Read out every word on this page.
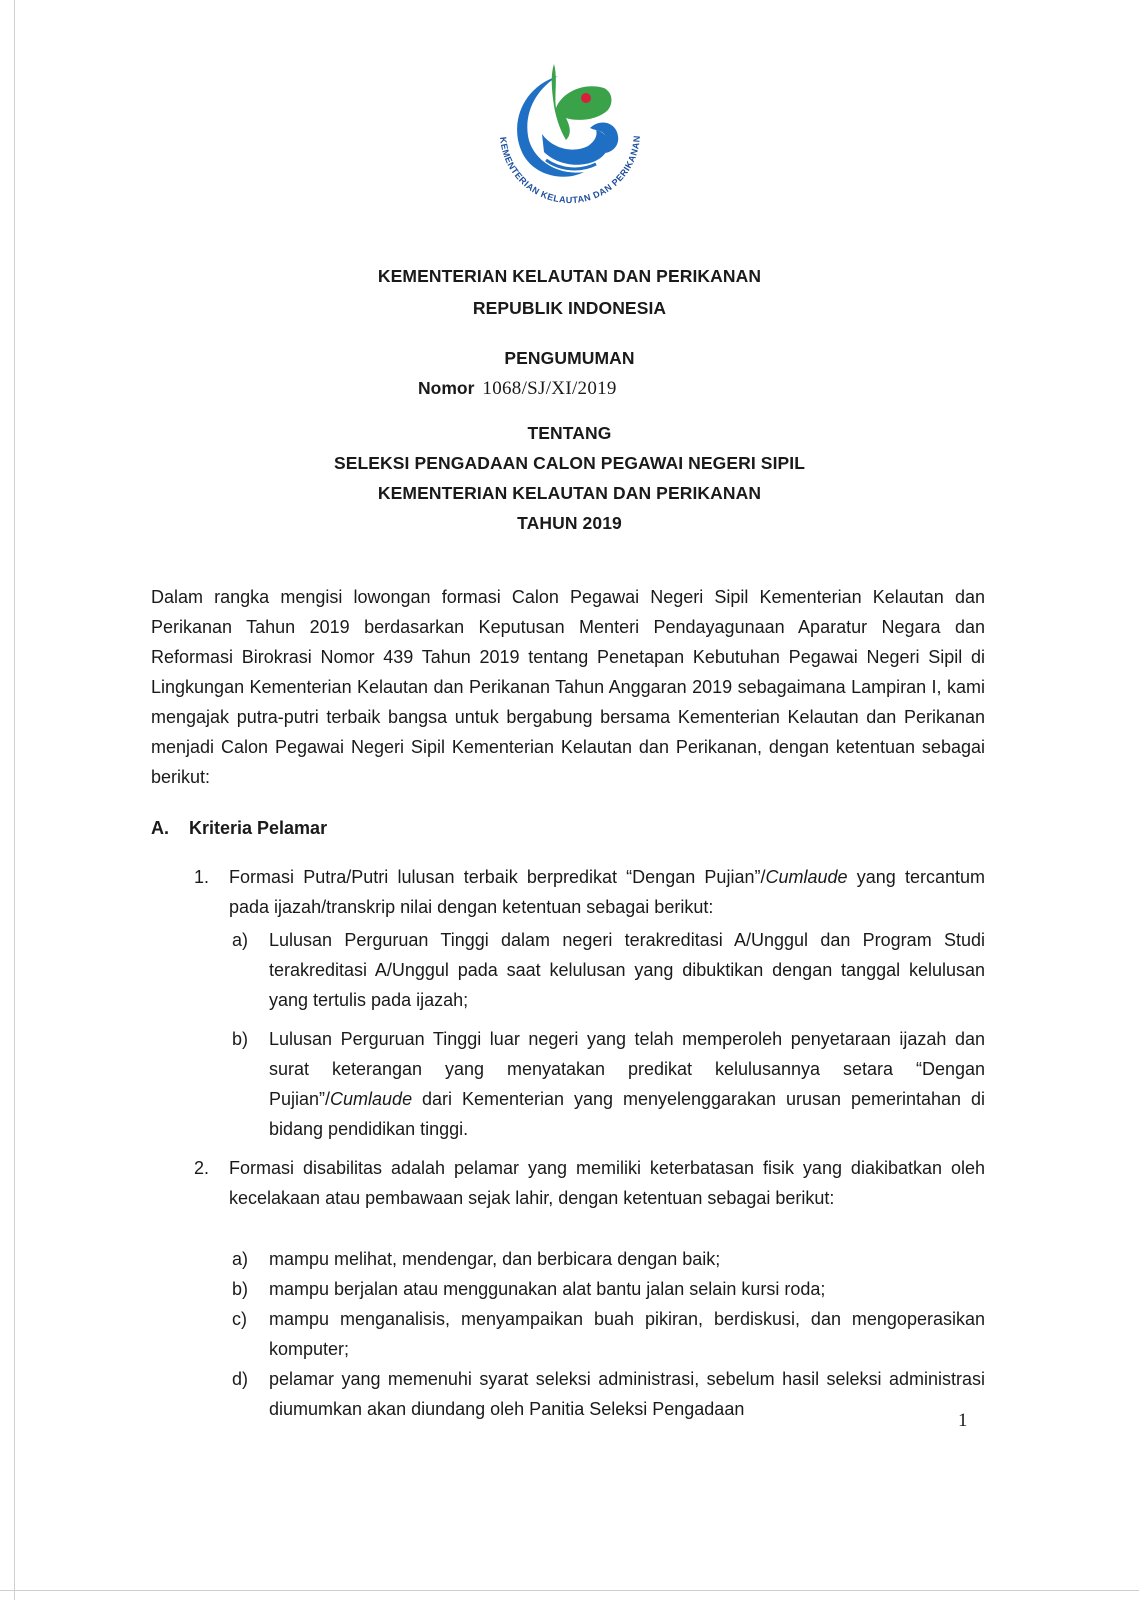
KEMENTERIAN KELAUTAN DAN PERIKANAN
KEMENTERIAN KELAUTAN DAN PERIKANAN
REPUBLIK INDONESIA
PENGUMUMAN
Nomor 1068/SJ/XI/2019
TENTANG
SELEKSI PENGADAAN CALON PEGAWAI NEGERI SIPIL
KEMENTERIAN KELAUTAN DAN PERIKANAN
TAHUN 2019
Dalam rangka mengisi lowongan formasi Calon Pegawai Negeri Sipil Kementerian Kelautan dan Perikanan Tahun 2019 berdasarkan Keputusan Menteri Pendayagunaan Aparatur Negara dan Reformasi Birokrasi Nomor 439 Tahun 2019 tentang Penetapan Kebutuhan Pegawai Negeri Sipil di Lingkungan Kementerian Kelautan dan Perikanan Tahun Anggaran 2019 sebagaimana Lampiran I, kami mengajak putra-putri terbaik bangsa untuk bergabung bersama Kementerian Kelautan dan Perikanan menjadi Calon Pegawai Negeri Sipil Kementerian Kelautan dan Perikanan, dengan ketentuan sebagai berikut:
A. Kriteria Pelamar
1. Formasi Putra/Putri lulusan terbaik berpredikat “Dengan Pujian”/Cumlaude yang tercantum pada ijazah/transkrip nilai dengan ketentuan sebagai berikut:
a) Lulusan Perguruan Tinggi dalam negeri terakreditasi A/Unggul dan Program Studi terakreditasi A/Unggul pada saat kelulusan yang dibuktikan dengan tanggal kelulusan yang tertulis pada ijazah;
b) Lulusan Perguruan Tinggi luar negeri yang telah memperoleh penyetaraan ijazah dan surat keterangan yang menyatakan predikat kelulusannya setara “Dengan Pujian”/Cumlaude dari Kementerian yang menyelenggarakan urusan pemerintahan di bidang pendidikan tinggi.
2. Formasi disabilitas adalah pelamar yang memiliki keterbatasan fisik yang diakibatkan oleh kecelakaan atau pembawaan sejak lahir, dengan ketentuan sebagai berikut:
a) mampu melihat, mendengar, dan berbicara dengan baik;
b) mampu berjalan atau menggunakan alat bantu jalan selain kursi roda;
c) mampu menganalisis, menyampaikan buah pikiran, berdiskusi, dan mengoperasikan komputer;
d) pelamar yang memenuhi syarat seleksi administrasi, sebelum hasil seleksi administrasi diumumkan akan diundang oleh Panitia Seleksi Pengadaan
1
